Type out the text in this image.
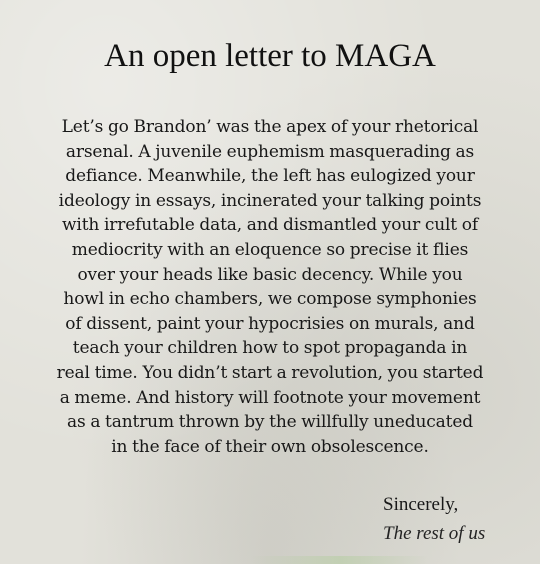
An open letter to MAGA

Let’s go Brandon’ was the apex of your rhetorical
arsenal. A juvenile euphemism masquerading as
defiance. Meanwhile, the left has eulogized your
ideology in essays, incinerated your talking points
with irrefutable data, and dismantled your cult of
mediocrity with an eloquence so precise it flies
over your heads like basic decency. While you
howl in echo chambers, we compose symphonies
of dissent, paint your hypocrisies on murals, and
teach your children how to spot propaganda in
real time. You didn’t start a revolution, you started
a meme. And history will footnote your movement
as a tantrum thrown by the willfully uneducated
in the face of their own obsolescence.

Sincerely,

The rest of us
